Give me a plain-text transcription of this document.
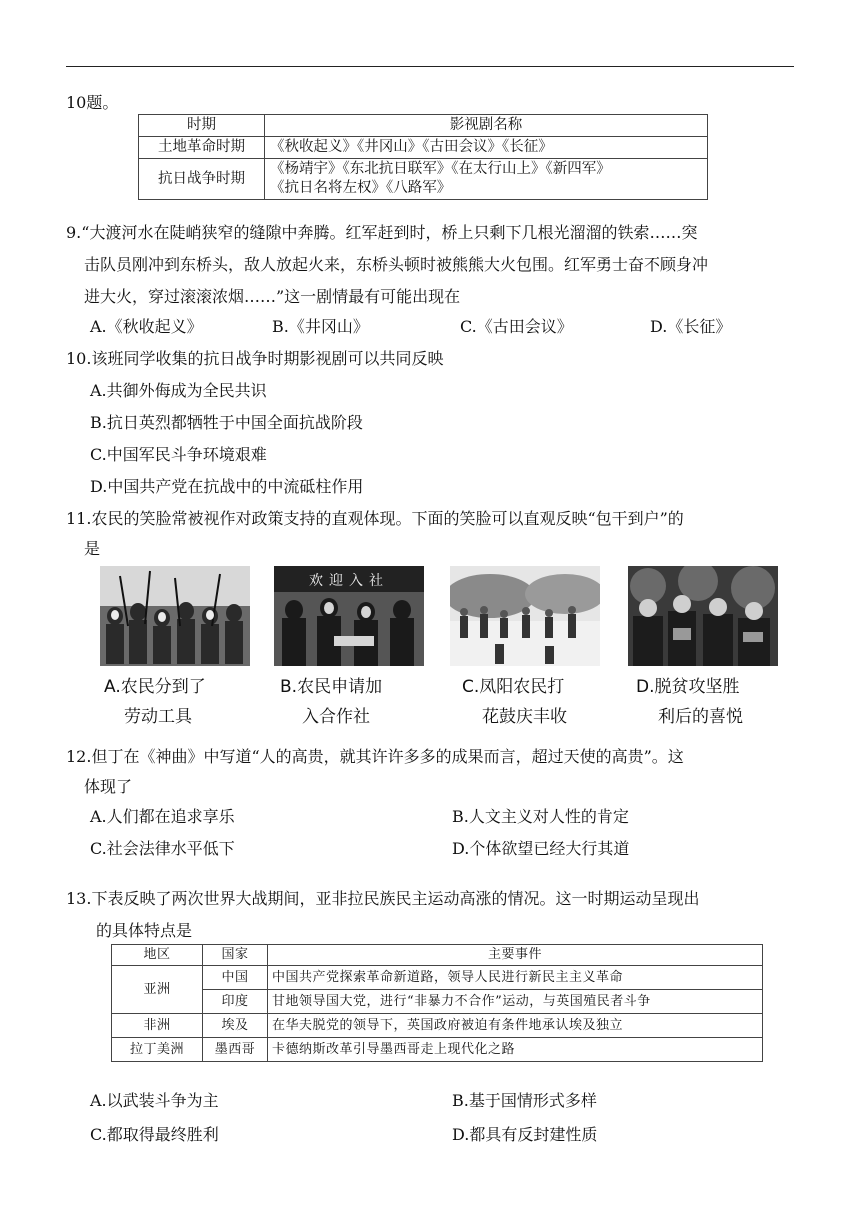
10题。
时期	影视剧名称
土地革命时期	《秋收起义》《井冈山》《古田会议》《长征》
抗日战争时期	《杨靖宇》《东北抗日联军》《在太行山上》《新四军》
《抗日名将左权》《八路军》
9.“大渡河水在陡峭狭窄的缝隙中奔腾。红军赶到时，桥上只剩下几根光溜溜的铁索……突
击队员刚冲到东桥头，敌人放起火来，东桥头顿时被熊熊大火包围。红军勇士奋不顾身冲
进大火，穿过滚滚浓烟……”这一剧情最有可能出现在
A.《秋收起义》	B.《井冈山》	C.《古田会议》	D.《长征》
10.该班同学收集的抗日战争时期影视剧可以共同反映
A.共御外侮成为全民共识
B.抗日英烈都牺牲于中国全面抗战阶段
C.中国军民斗争环境艰难
D.中国共产党在抗战中的中流砥柱作用
11.农民的笑脸常被视作对政策支持的直观体现。下面的笑脸可以直观反映“包干到户”的
是
欢迎入社
A.农民分到了
劳动工具
B.农民申请加
入合作社
C.凤阳农民打
花鼓庆丰收
D.脱贫攻坚胜
利后的喜悦
12.但丁在《神曲》中写道“人的高贵，就其许许多多的成果而言，超过天使的高贵”。这
体现了
A.人们都在追求享乐	B.人文主义对人性的肯定
C.社会法律水平低下	D.个体欲望已经大行其道
13.下表反映了两次世界大战期间，亚非拉民族民主运动高涨的情况。这一时期运动呈现出
的具体特点是
地区	国家	主要事件
亚洲	中国	中国共产党探索革命新道路，领导人民进行新民主主义革命
	印度	甘地领导国大党，进行“非暴力不合作”运动，与英国殖民者斗争
非洲	埃及	在华夫脱党的领导下，英国政府被迫有条件地承认埃及独立
拉丁美洲	墨西哥	卡德纳斯改革引导墨西哥走上现代化之路
A.以武装斗争为主	B.基于国情形式多样
C.都取得最终胜利	D.都具有反封建性质
